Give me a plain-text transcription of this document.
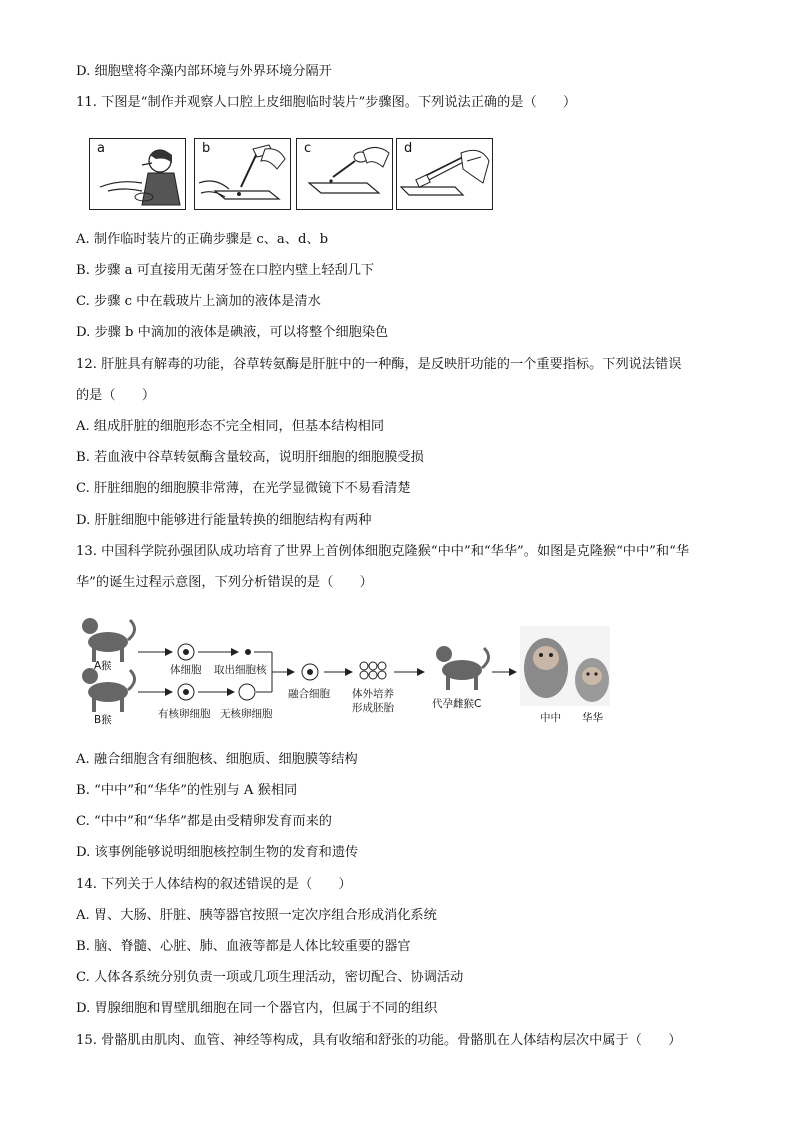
D. 细胞壁将伞藻内部环境与外界环境分隔开
11. 下图是“制作并观察人口腔上皮细胞临时装片”步骤图。下列说法正确的是（　　）
a	b	c	d
A. 制作临时装片的正确步骤是 c、a、d、b
B. 步骤 a 可直接用无菌牙签在口腔内壁上轻刮几下
C. 步骤 c 中在载玻片上滴加的液体是清水
D. 步骤 b 中滴加的液体是碘液，可以将整个细胞染色
12. 肝脏具有解毒的功能，谷草转氨酶是肝脏中的一种酶，是反映肝功能的一个重要指标。下列说法错误
的是（　　）
A. 组成肝脏的细胞形态不完全相同，但基本结构相同
B. 若血液中谷草转氨酶含量较高，说明肝细胞的细胞膜受损
C. 肝脏细胞的细胞膜非常薄，在光学显微镜下不易看清楚
D. 肝脏细胞中能够进行能量转换的细胞结构有两种
13. 中国科学院孙强团队成功培育了世界上首例体细胞克隆猴“中中”和“华华”。如图是克隆猴“中中”和“华
华”的诞生过程示意图，下列分析错误的是（　　）
A猴
B猴
体细胞 取出细胞核
有核卵细胞 无核卵细胞
融合细胞 体外培养
形成胚胎	代孕雌猴C
中中 华华
A. 融合细胞含有细胞核、细胞质、细胞膜等结构
B. “中中”和“华华”的性别与 A 猴相同
C. “中中”和“华华”都是由受精卵发育而来的
D. 该事例能够说明细胞核控制生物的发育和遗传
14. 下列关于人体结构的叙述错误的是（　　）
A. 胃、大肠、肝脏、胰等器官按照一定次序组合形成消化系统
B. 脑、脊髓、心脏、肺、血液等都是人体比较重要的器官
C. 人体各系统分别负责一项或几项生理活动，密切配合、协调活动
D. 胃腺细胞和胃壁肌细胞在同一个器官内，但属于不同的组织
15. 骨骼肌由肌肉、血管、神经等构成，具有收缩和舒张的功能。骨骼肌在人体结构层次中属于（　　）
